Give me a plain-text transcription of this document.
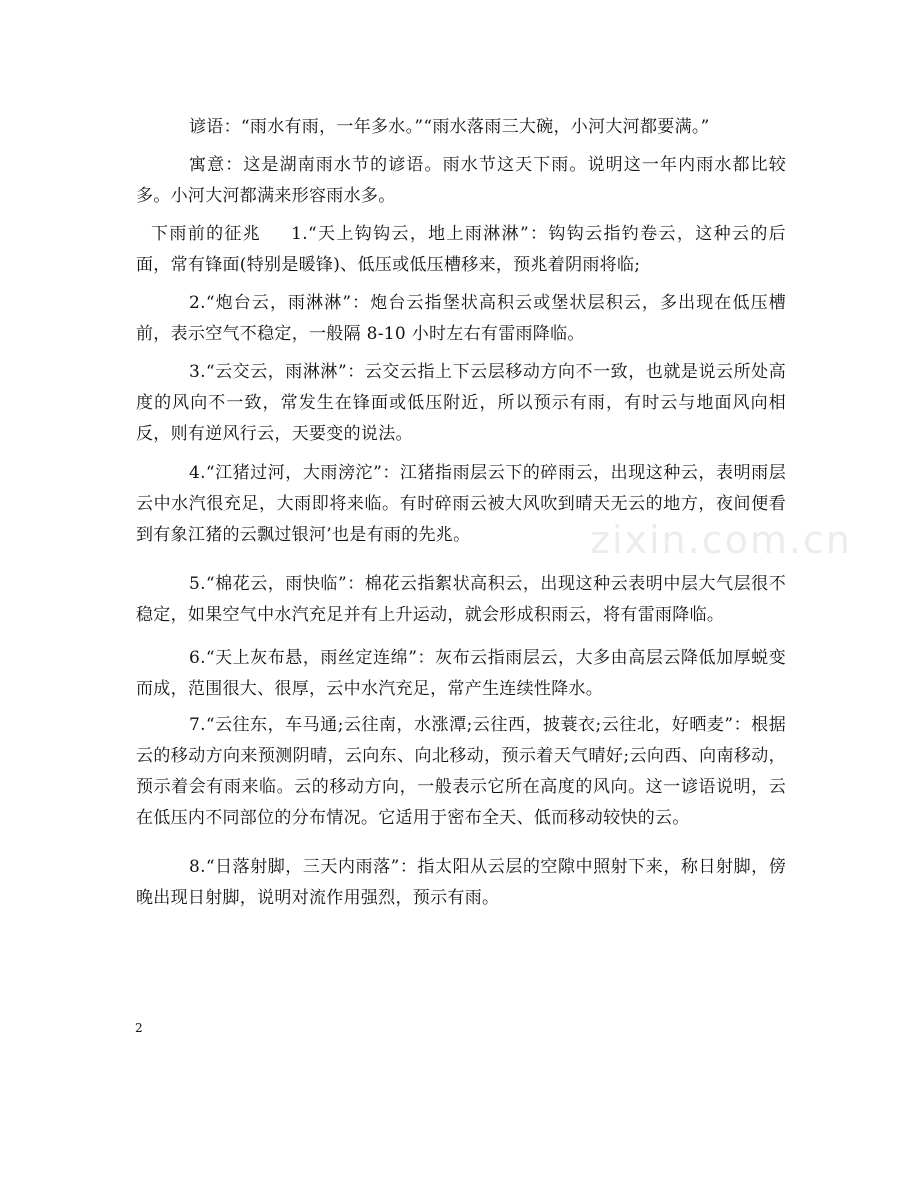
zixin.com.cn

谚语：“雨水有雨，一年多水。”“雨水落雨三大碗，小河大河都要满。”

寓意：这是湖南雨水节的谚语。雨水节这天下雨。说明这一年内雨水都比较多。小河大河都满来形容雨水多。

下雨前的征兆 1.“天上钩钩云，地上雨淋淋”：钩钩云指钓卷云，这种云的后面，常有锋面(特别是暖锋)、低压或低压槽移来，预兆着阴雨将临;

2.“炮台云，雨淋淋”：炮台云指堡状高积云或堡状层积云，多出现在低压槽前，表示空气不稳定，一般隔 8-10 小时左右有雷雨降临。

3.“云交云，雨淋淋”：云交云指上下云层移动方向不一致，也就是说云所处高度的风向不一致，常发生在锋面或低压附近，所以预示有雨，有时云与地面风向相反，则有逆风行云，天要变的说法。

4.“江猪过河，大雨滂沱”：江猪指雨层云下的碎雨云，出现这种云，表明雨层云中水汽很充足，大雨即将来临。有时碎雨云被大风吹到晴天无云的地方，夜间便看到有象江猪的云飘过银河’也是有雨的先兆。

5.“棉花云，雨快临”：棉花云指絮状高积云，出现这种云表明中层大气层很不稳定，如果空气中水汽充足并有上升运动，就会形成积雨云，将有雷雨降临。

6.“天上灰布悬，雨丝定连绵”：灰布云指雨层云，大多由高层云降低加厚蜕变而成，范围很大、很厚，云中水汽充足，常产生连续性降水。

7.“云往东，车马通;云往南，水涨潭;云往西，披蓑衣;云往北，好晒麦”：根据云的移动方向来预测阴晴，云向东、向北移动，预示着天气晴好;云向西、向南移动，预示着会有雨来临。云的移动方向，一般表示它所在高度的风向。这一谚语说明，云在低压内不同部位的分布情况。它适用于密布全天、低而移动较快的云。

8.“日落射脚，三天内雨落”：指太阳从云层的空隙中照射下来，称日射脚，傍晚出现日射脚，说明对流作用强烈，预示有雨。

2
